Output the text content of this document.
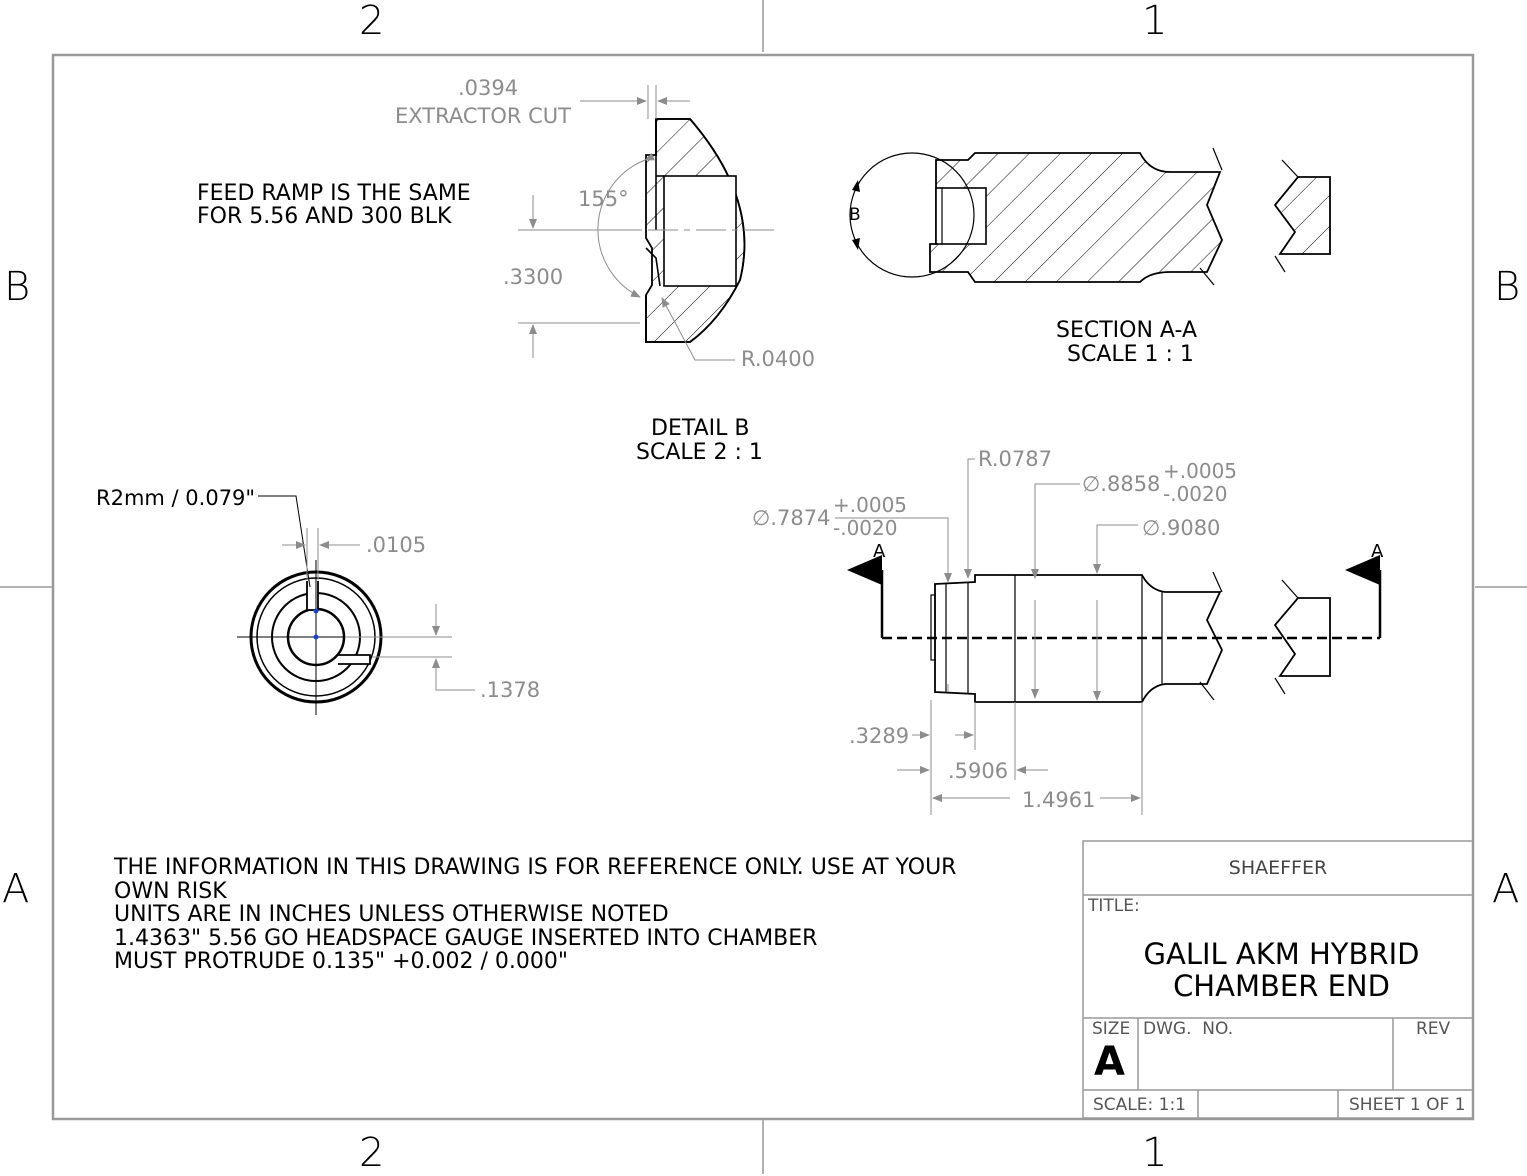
2	1
2	1
B	B
A	A
.0394
EXTRACTOR CUT
155°
.3300
R.0400
DETAIL B
SCALE 2 : 1
FEED RAMP IS THE SAME
FOR 5.56 AND 300 BLK	B
SECTION A-A
SCALE 1 : 1
R2mm / 0.079"
.0105
.1378
R.0787
∅.7874
+.0005
-.0020
∅.8858
+.0005
-.0020
∅.9080
A	A
.3289
.5906
1.4961
THE INFORMATION IN THIS DRAWING IS FOR REFERENCE ONLY. USE AT YOUR
OWN RISK
UNITS ARE IN INCHES UNLESS OTHERWISE NOTED
1.4363" 5.56 GO HEADSPACE GAUGE INSERTED INTO CHAMBER
MUST PROTRUDE 0.135" +0.002 / 0.000"
SHAEFFER
TITLE:
GALIL AKM HYBRID
CHAMBER END
SIZE
A
DWG.  NO.	REV
SCALE: 1:1	SHEET 1 OF 1
